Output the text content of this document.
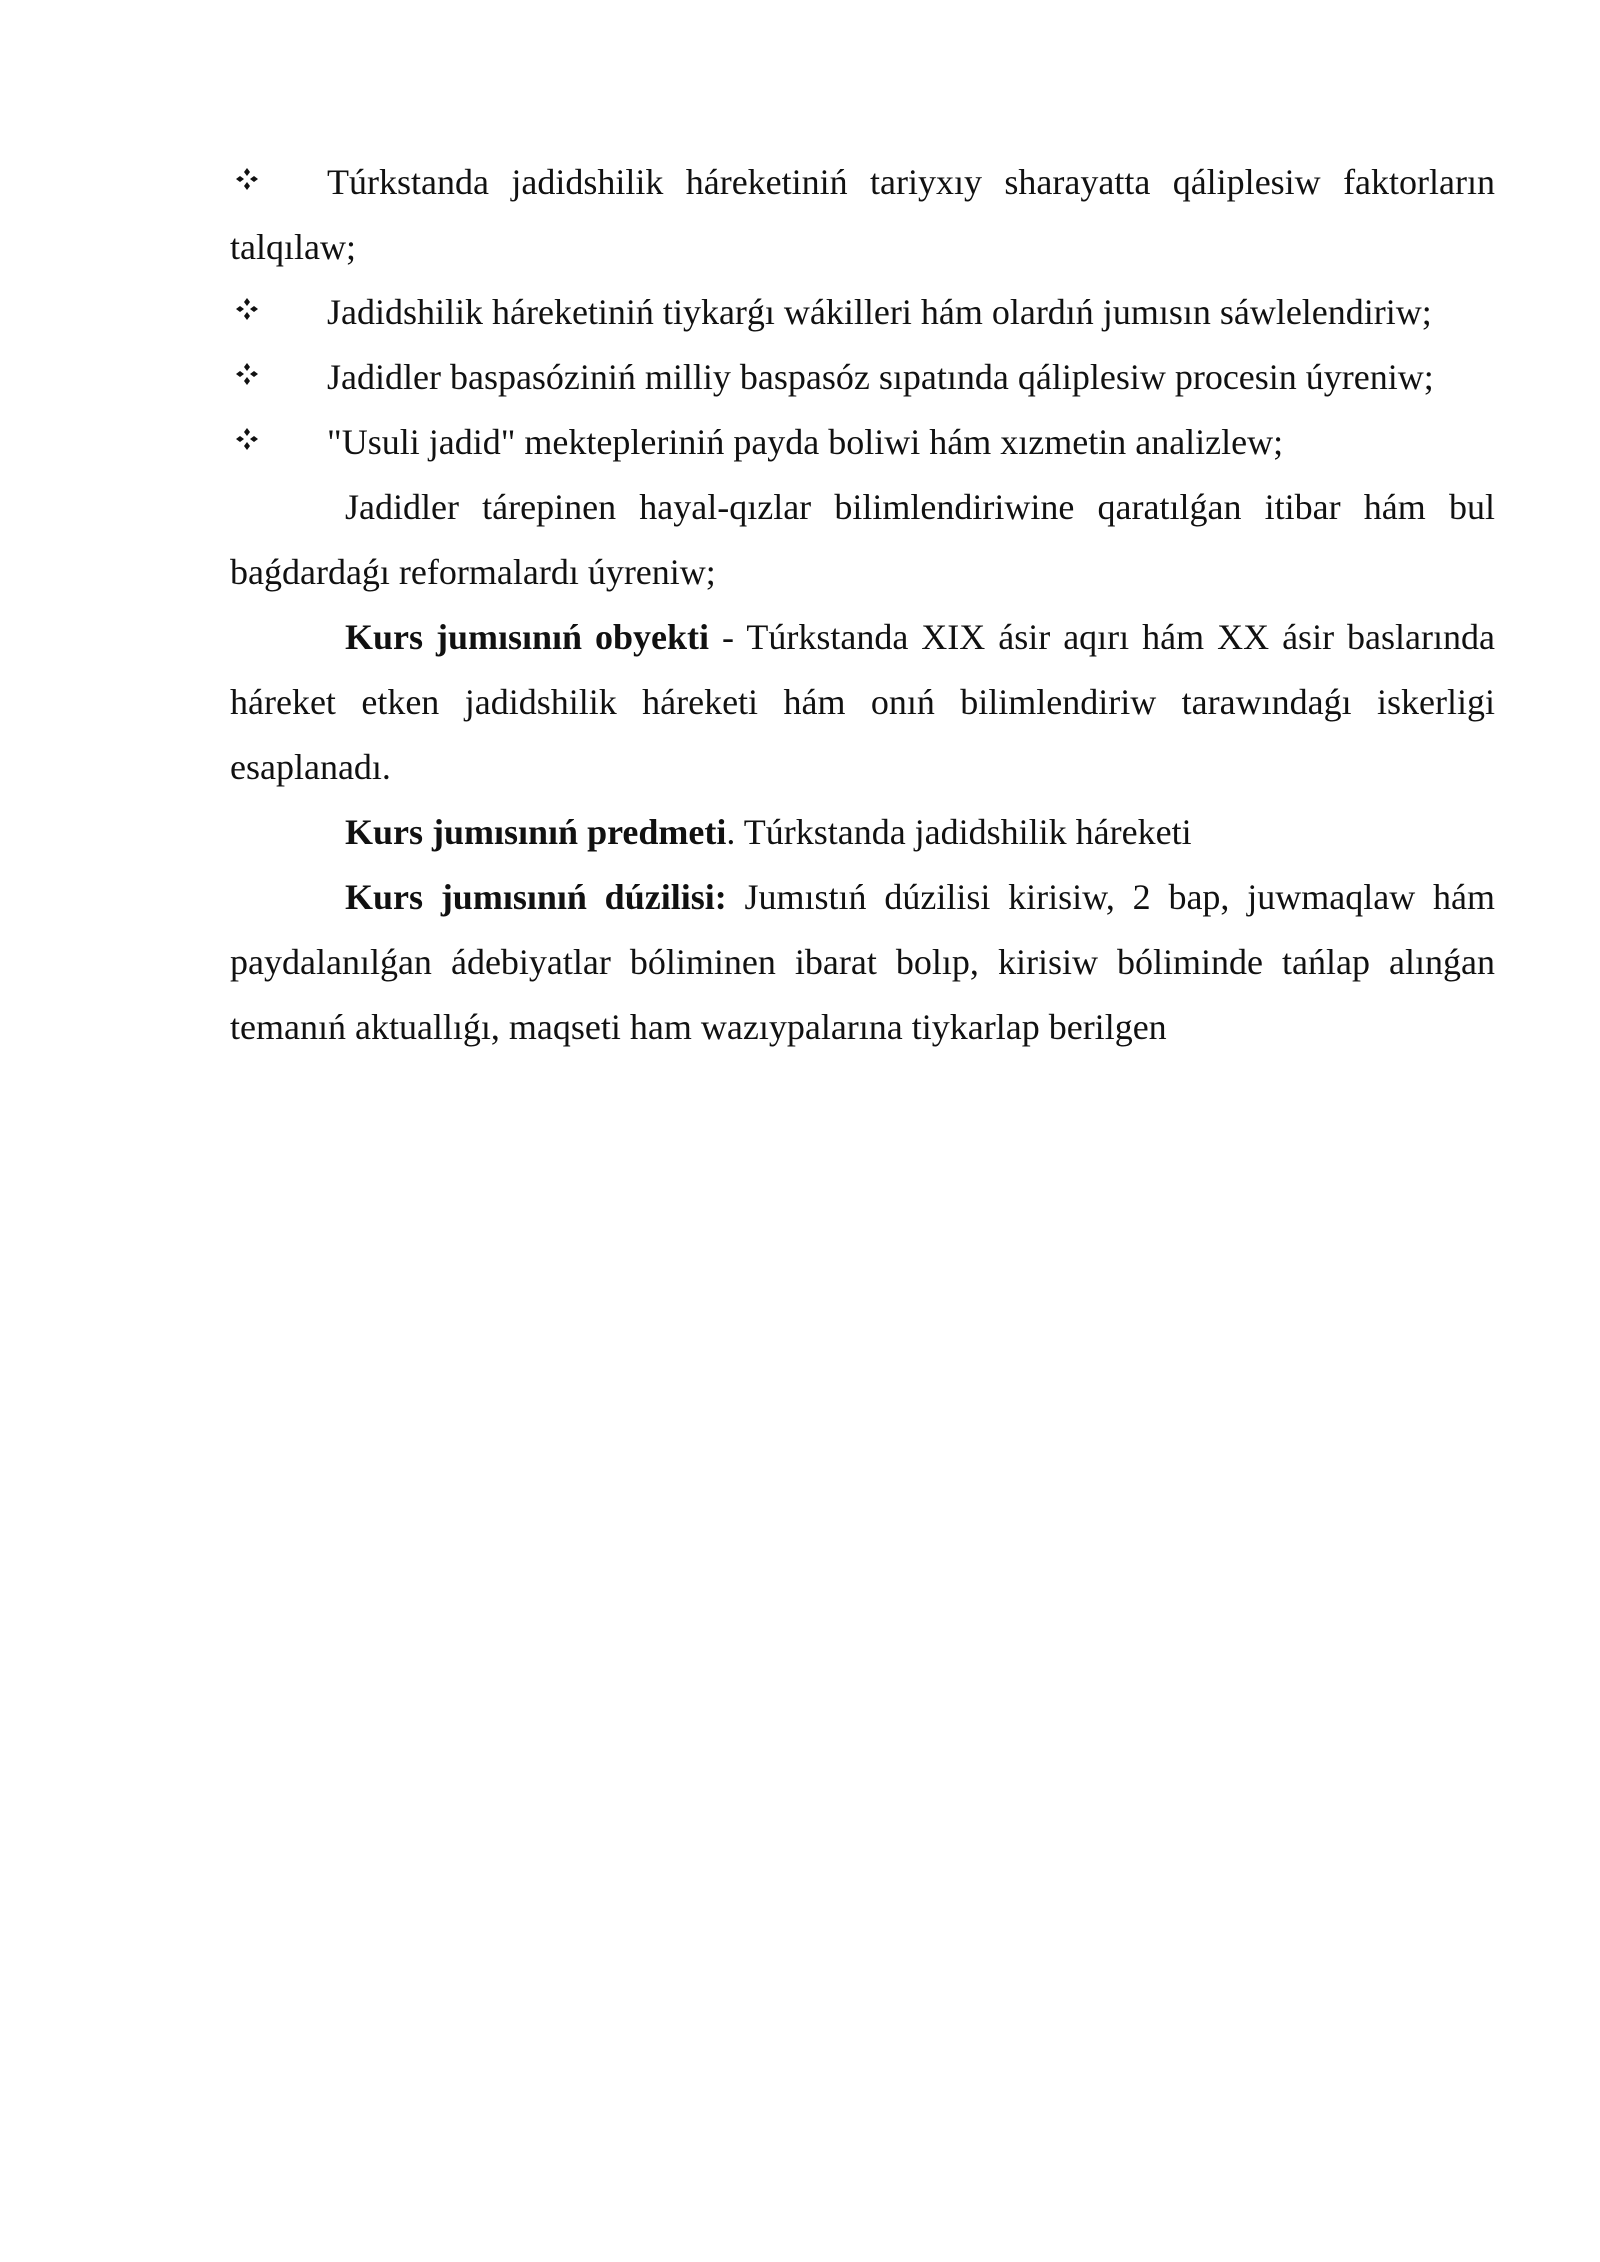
Túrkstanda jadidshilik háreketiniń tariyxıy sharayatta qáliplesiw faktorların talqılaw;
Jadidshilik háreketiniń tiykarǵı wákilleri hám olardıń jumısın sáwlelendiriw;
Jadidler baspasóziniń milliy baspasóz sıpatında qáliplesiw procesin úyreniw;
"Usuli jadid" mektepleriniń payda boliwi hám xızmetin analizlew;

Jadidler tárepinen hayal-qızlar bilimlendiriwine qaratılǵan itibar hám bul baǵdardaǵı reformalardı úyreniw;

Kurs jumısınıń obyekti - Túrkstanda XIX ásir aqırı hám XX ásir baslarında háreket etken jadidshilik háreketi hám onıń bilimlendiriw tarawındaǵı iskerligi esaplanadı.

Kurs jumısınıń predmeti. Túrkstanda jadidshilik háreketi

Kurs jumısınıń dúzilisi: Jumıstıń dúzilisi kirisiw, 2 bap, juwmaqlaw hám paydalanılǵan ádebiyatlar bóliminen ibarat bolıp, kirisiw bóliminde tańlap alınǵan temanıń aktuallıǵı, maqseti ham wazıypalarına tiykarlap berilgen
